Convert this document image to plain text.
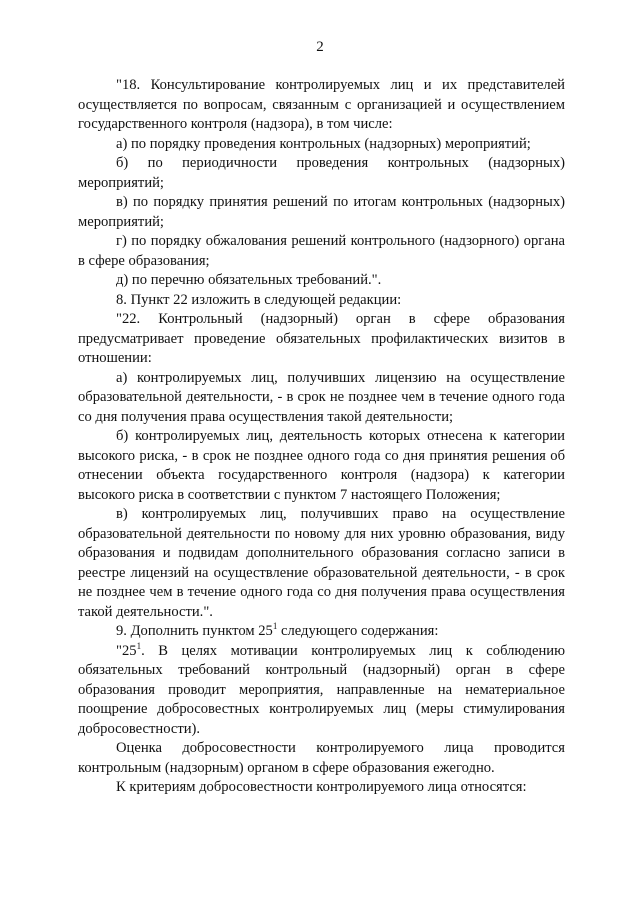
2

"18. Консультирование контролируемых лиц и их представителей осуществляется по вопросам, связанным с организацией и осуществлением государственного контроля (надзора), в том числе:

а) по порядку проведения контрольных (надзорных) мероприятий;

б) по периодичности проведения контрольных (надзорных) мероприятий;

в) по порядку принятия решений по итогам контрольных (надзорных) мероприятий;

г) по порядку обжалования решений контрольного (надзорного) органа в сфере образования;

д) по перечню обязательных требований.".

8. Пункт 22 изложить в следующей редакции:

"22. Контрольный (надзорный) орган в сфере образования предусматривает проведение обязательных профилактических визитов в отношении:

а) контролируемых лиц, получивших лицензию на осуществление образовательной деятельности, - в срок не позднее чем в течение одного года со дня получения права осуществления такой деятельности;

б) контролируемых лиц, деятельность которых отнесена к категории высокого риска, - в срок не позднее одного года со дня принятия решения об отнесении объекта государственного контроля (надзора) к категории высокого риска в соответствии с пунктом 7 настоящего Положения;

в) контролируемых лиц, получивших право на осуществление образовательной деятельности по новому для них уровню образования, виду образования и подвидам дополнительного образования согласно записи в реестре лицензий на осуществление образовательной деятельности, - в срок не позднее чем в течение одного года со дня получения права осуществления такой деятельности.".

9. Дополнить пунктом $25^1$ следующего содержания:

"$25^1$. В целях мотивации контролируемых лиц к соблюдению обязательных требований контрольный (надзорный) орган в сфере образования проводит мероприятия, направленные на нематериальное поощрение добросовестных контролируемых лиц (меры стимулирования добросовестности).

Оценка добросовестности контролируемого лица проводится контрольным (надзорным) органом в сфере образования ежегодно.

К критериям добросовестности контролируемого лица относятся:
